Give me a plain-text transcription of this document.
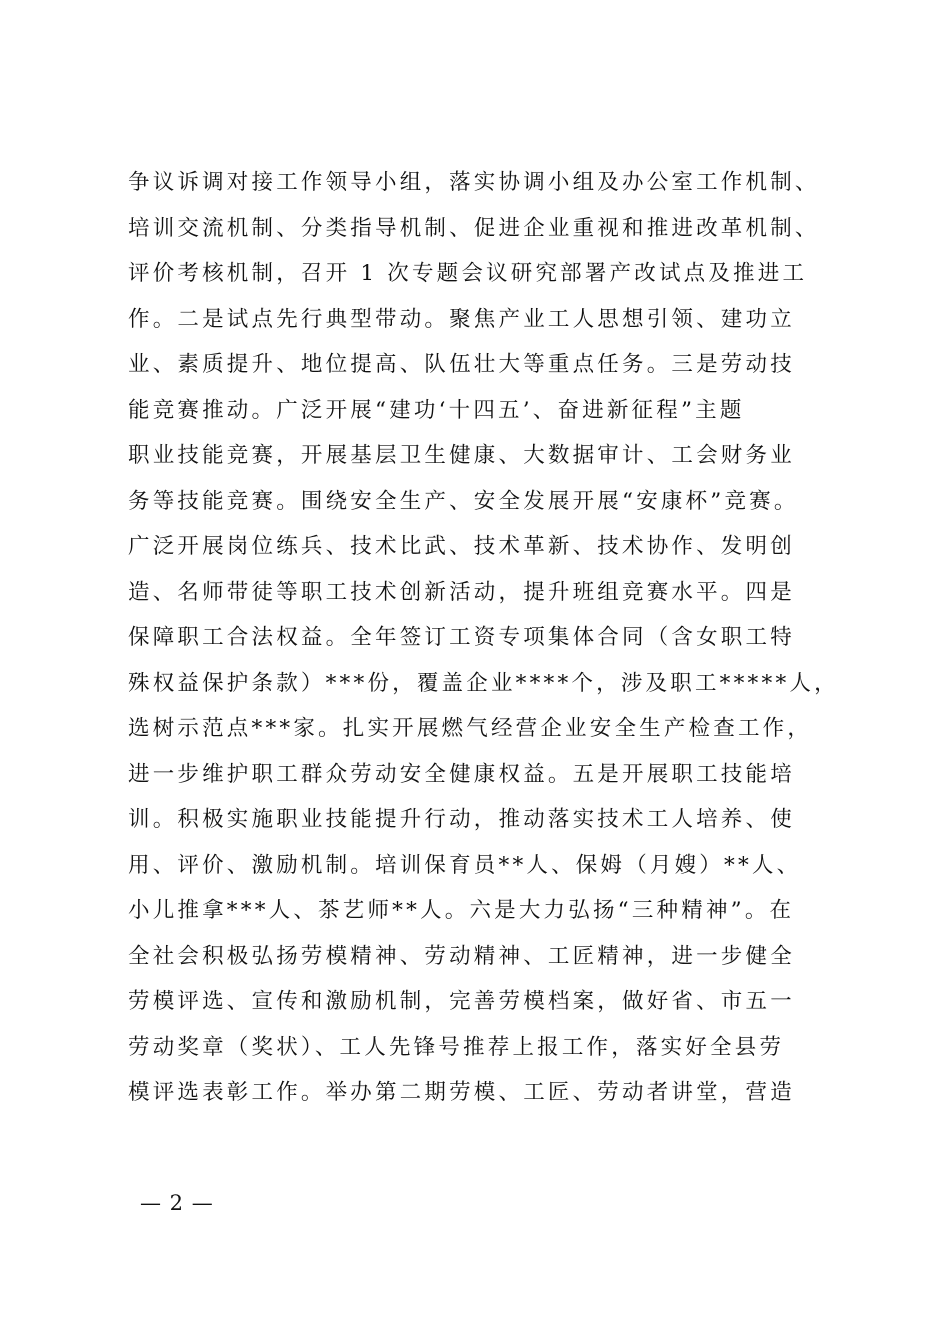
争议诉调对接工作领导小组，落实协调小组及办公室工作机制、
培训交流机制、分类指导机制、促进企业重视和推进改革机制、
评价考核机制，召开 1 次专题会议研究部署产改试点及推进工
作。二是试点先行典型带动。聚焦产业工人思想引领、建功立
业、素质提升、地位提高、队伍壮大等重点任务。三是劳动技
能竞赛推动。广泛开展“建功‘十四五’、奋进新征程”主题
职业技能竞赛，开展基层卫生健康、大数据审计、工会财务业
务等技能竞赛。围绕安全生产、安全发展开展“安康杯”竞赛。
广泛开展岗位练兵、技术比武、技术革新、技术协作、发明创
造、名师带徒等职工技术创新活动，提升班组竞赛水平。四是
保障职工合法权益。全年签订工资专项集体合同（含女职工特
殊权益保护条款）***份，覆盖企业****个，涉及职工*****人，
选树示范点***家。扎实开展燃气经营企业安全生产检查工作，
进一步维护职工群众劳动安全健康权益。五是开展职工技能培
训。积极实施职业技能提升行动，推动落实技术工人培养、使
用、评价、激励机制。培训保育员**人、保姆（月嫂）**人、
小儿推拿***人、茶艺师**人。六是大力弘扬“三种精神”。在
全社会积极弘扬劳模精神、劳动精神、工匠精神，进一步健全
劳模评选、宣传和激励机制，完善劳模档案，做好省、市五一
劳动奖章（奖状）、工人先锋号推荐上报工作，落实好全县劳
模评选表彰工作。举办第二期劳模、工匠、劳动者讲堂，营造
— 2 —
